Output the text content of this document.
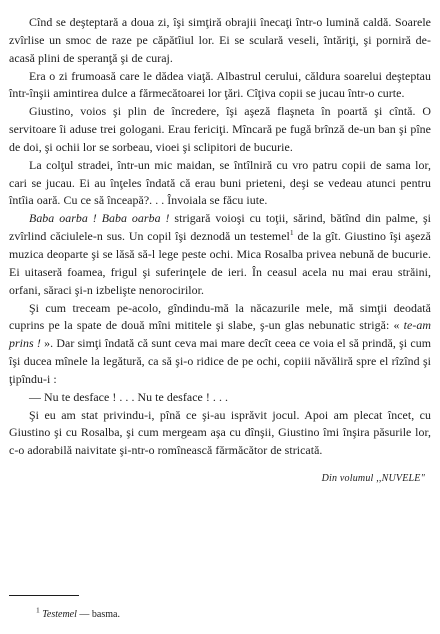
Cînd se deşteptară a doua zi, îşi simţiră obrajii înecaţi într-o lumină caldă. Soarele zvîrlise un smoc de raze pe căpătîiul lor. Ei se sculară veseli, întăriţi, şi porniră de-acasă plini de speranţă şi de curaj.

Era o zi frumoasă care le dădea viaţă. Albastrul cerului, căldura soarelui deşteptau într-înşii amintirea dulce a fărmecătoarei lor ţări. Cîţiva copii se jucau într-o curte.

Giustino, voios şi plin de încredere, îşi aşeză flaşneta în poartă şi cîntă. O servitoare îi aduse trei gologani. Erau fericiţi. Mîncară pe fugă brînză de-un ban şi pîne de doi, şi ochii lor se sorbeau, vioei şi sclipitori de bucurie.

La colţul stradei, într-un mic maidan, se întîlniră cu vro patru copii de sama lor, cari se jucau. Ei au înţeles îndată că erau buni prieteni, deşi se vedeau atunci pentru întîia oară. Cu ce să înceapă?. . . Învoiala se făcu iute.

Baba oarba ! Baba oarba ! strigară voioşi cu toţii, sărind, bătînd din palme, şi zvîrlind căciulele-n sus. Un copil îşi deznodă un testemel$^1$ de la gît. Giustino îşi aşeză muzica deoparte şi se lăsă să-l lege peste ochi. Mica Rosalba privea nebună de bucurie. Ei uitaseră foamea, frigul şi suferinţele de ieri. În ceasul acela nu mai erau străini, orfani, săraci şi-n izbelişte nenorocirilor.

Şi cum treceam pe-acolo, gîndindu-mă la năcazurile mele, mă simţii deodată cuprins pe la spate de două mîni mititele şi slabe, ş-un glas nebunatic strigă: « te-am prins ! ». Dar simţi îndată că sunt ceva mai mare decît ceea ce voia el să prindă, şi cum îşi ducea mînele la legătură, ca să şi-o ridice de pe ochi, copiii năvăliră spre el rîzînd şi ţipîndu-i :

— Nu te desface ! . . . Nu te desface ! . . .

Şi eu am stat privindu-i, pînă ce şi-au isprăvit jocul. Apoi am plecat încet, cu Giustino şi cu Rosalba, şi cum mergeam aşa cu dînşii, Giustino îmi înşira păsurile lor, c-o adorabilă naivitate şi-ntr-o romînească fărmăcător de stricată.

Din volumul ,,NUVELE"

$^1$ Testemel — basma.
